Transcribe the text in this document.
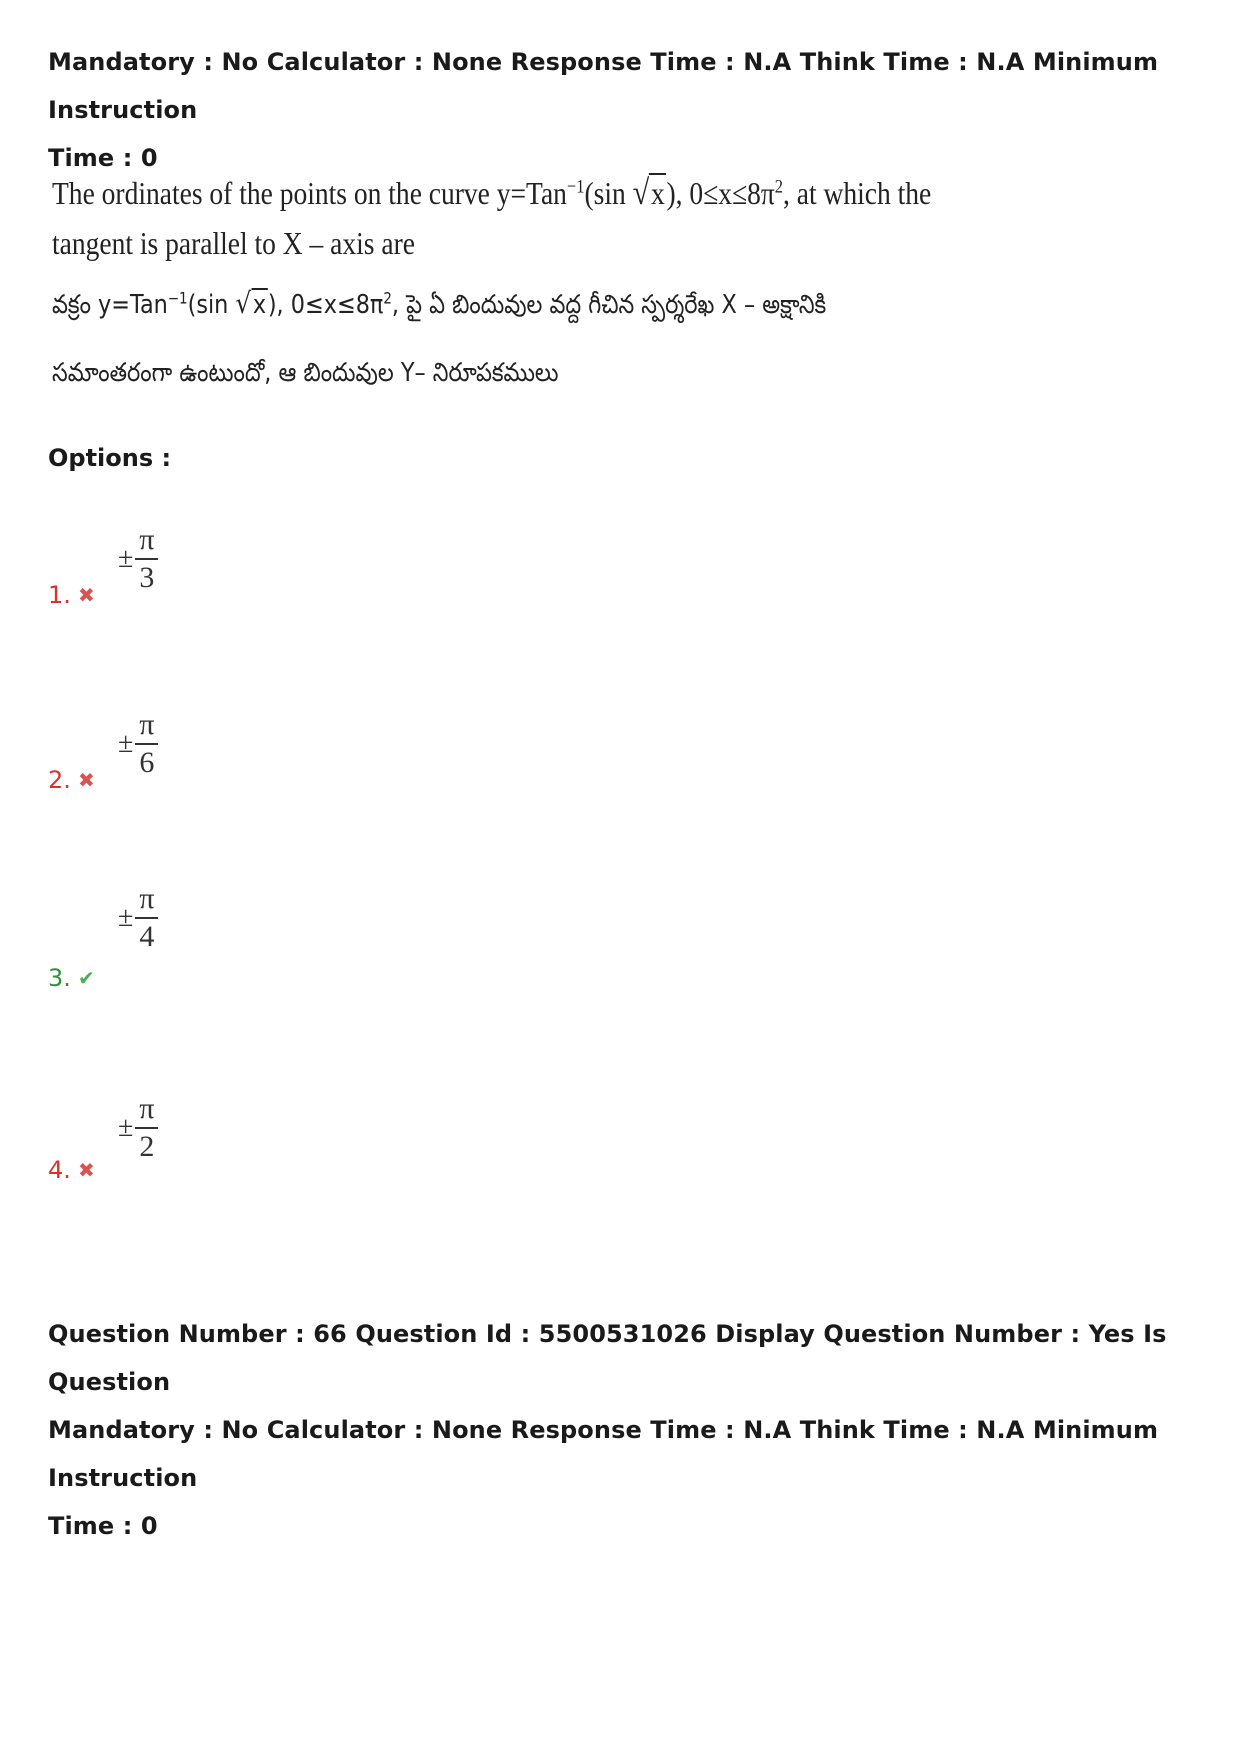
Mandatory : No Calculator : None Response Time : N.A Think Time : N.A Minimum Instruction
Time : 0
The ordinates of the points on the curve y=Tan$^{-1}$(sin √x), $0\le x\le 8\pi^2$, at which the
tangent is parallel to X – axis are
వక్రం y=Tan$^{-1}$(sin √x), $0\le x\le 8\pi^2$, పై ఏ బిందువుల వద్ద గీచిన స్పర్శరేఖ X – అక్షానికి
సమాంతరంగా ఉంటుందో, ఆ బిందువుల Y– నిరూపకములు
Options :
1. ✖
± $\frac{\pi}{3}$
2. ✖
± $\frac{\pi}{6}$
3. ✔
± $\frac{\pi}{4}$
4. ✖
± $\frac{\pi}{2}$
Question Number : 66 Question Id : 5500531026 Display Question Number : Yes Is Question
Mandatory : No Calculator : None Response Time : N.A Think Time : N.A Minimum Instruction
Time : 0
